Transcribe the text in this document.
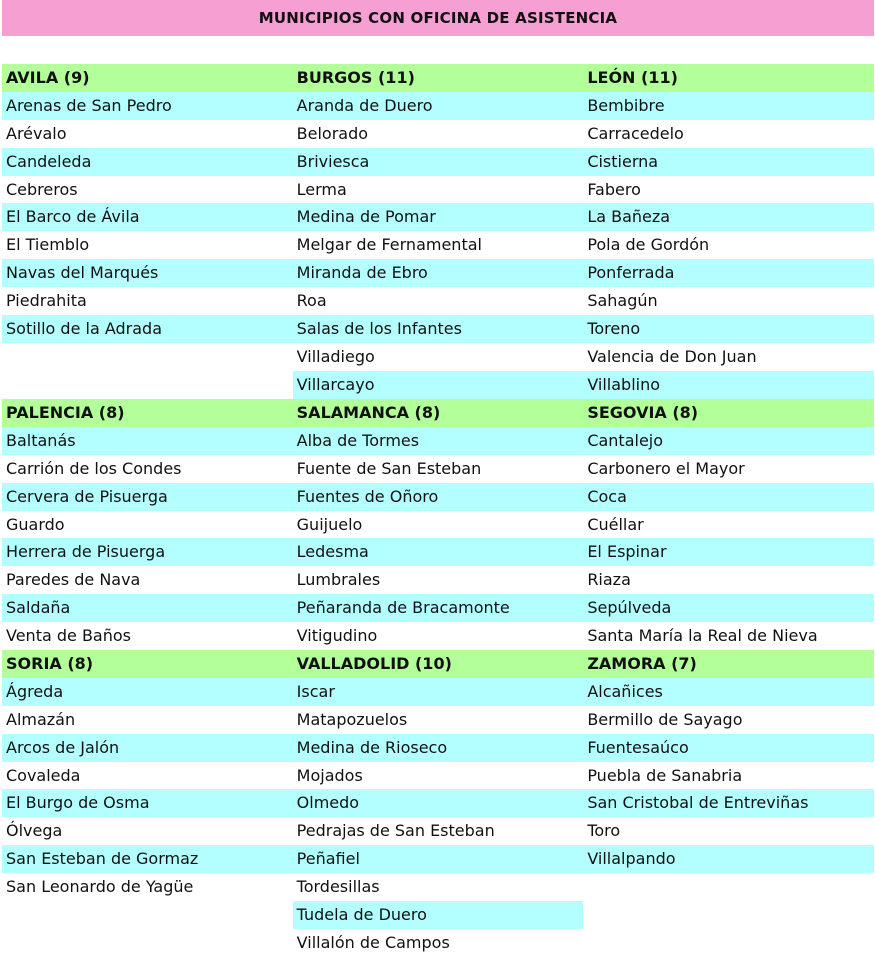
MUNICIPIOS CON OFICINA DE ASISTENCIA
AVILA (9)
Arenas de San Pedro
Arévalo
Candeleda
Cebreros
El Barco de Ávila
El Tiemblo
Navas del Marqués
Piedrahita
Sotillo de la Adrada
BURGOS (11)
Aranda de Duero
Belorado
Briviesca
Lerma
Medina de Pomar
Melgar de Fernamental
Miranda de Ebro
Roa
Salas de los Infantes
Villadiego
Villarcayo
LEÓN (11)
Bembibre
Carracedelo
Cistierna
Fabero
La Bañeza
Pola de Gordón
Ponferrada
Sahagún
Toreno
Valencia de Don Juan
Villablino
PALENCIA (8)
Baltanás
Carrión de los Condes
Cervera de Pisuerga
Guardo
Herrera de Pisuerga
Paredes de Nava
Saldaña
Venta de Baños
SALAMANCA (8)
Alba de Tormes
Fuente de San Esteban
Fuentes de Oñoro
Guijuelo
Ledesma
Lumbrales
Peñaranda de Bracamonte
Vitigudino
SEGOVIA (8)
Cantalejo
Carbonero el Mayor
Coca
Cuéllar
El Espinar
Riaza
Sepúlveda
Santa María la Real de Nieva
SORIA (8)
Ágreda
Almazán
Arcos de Jalón
Covaleda
El Burgo de Osma
Ólvega
San Esteban de Gormaz
San Leonardo de Yagüe
VALLADOLID (10)
Iscar
Matapozuelos
Medina de Rioseco
Mojados
Olmedo
Pedrajas de San Esteban
Peñafiel
Tordesillas
Tudela de Duero
Villalón de Campos
ZAMORA (7)
Alcañices
Bermillo de Sayago
Fuentesaúco
Puebla de Sanabria
San Cristobal de Entreviñas
Toro
Villalpando
